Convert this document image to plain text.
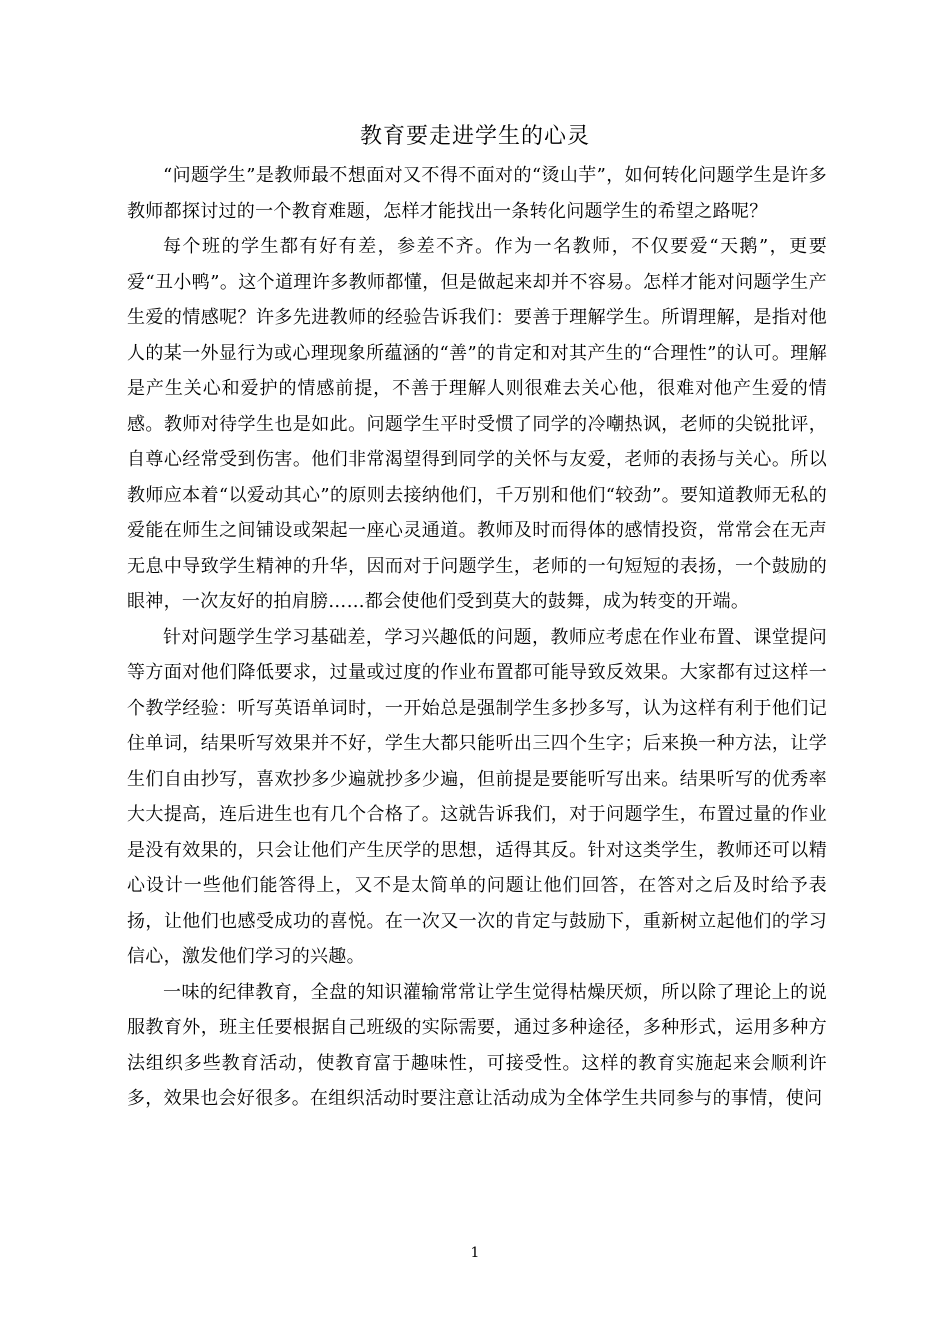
教育要走进学生的心灵

“问题学生”是教师最不想面对又不得不面对的“烫山芋”，如何转化问题学生是许多教师都探讨过的一个教育难题，怎样才能找出一条转化问题学生的希望之路呢？

每个班的学生都有好有差，参差不齐。作为一名教师，不仅要爱“天鹅”，更要爱“丑小鸭”。这个道理许多教师都懂，但是做起来却并不容易。怎样才能对问题学生产生爱的情感呢？许多先进教师的经验告诉我们：要善于理解学生。所谓理解，是指对他人的某一外显行为或心理现象所蕴涵的“善”的肯定和对其产生的“合理性”的认可。理解是产生关心和爱护的情感前提，不善于理解人则很难去关心他，很难对他产生爱的情感。教师对待学生也是如此。问题学生平时受惯了同学的冷嘲热讽，老师的尖锐批评，自尊心经常受到伤害。他们非常渴望得到同学的关怀与友爱，老师的表扬与关心。所以教师应本着“以爱动其心”的原则去接纳他们，千万别和他们“较劲”。要知道教师无私的爱能在师生之间铺设或架起一座心灵通道。教师及时而得体的感情投资，常常会在无声无息中导致学生精神的升华，因而对于问题学生，老师的一句短短的表扬，一个鼓励的眼神，一次友好的拍肩膀……都会使他们受到莫大的鼓舞，成为转变的开端。

针对问题学生学习基础差，学习兴趣低的问题，教师应考虑在作业布置、课堂提问等方面对他们降低要求，过量或过度的作业布置都可能导致反效果。大家都有过这样一个教学经验：听写英语单词时，一开始总是强制学生多抄多写，认为这样有利于他们记住单词，结果听写效果并不好，学生大都只能听出三四个生字；后来换一种方法，让学生们自由抄写，喜欢抄多少遍就抄多少遍，但前提是要能听写出来。结果听写的优秀率大大提高，连后进生也有几个合格了。这就告诉我们，对于问题学生，布置过量的作业是没有效果的，只会让他们产生厌学的思想，适得其反。针对这类学生，教师还可以精心设计一些他们能答得上，又不是太简单的问题让他们回答，在答对之后及时给予表扬，让他们也感受成功的喜悦。在一次又一次的肯定与鼓励下，重新树立起他们的学习信心，激发他们学习的兴趣。

一味的纪律教育，全盘的知识灌输常常让学生觉得枯燥厌烦，所以除了理论上的说服教育外，班主任要根据自己班级的实际需要，通过多种途径，多种形式，运用多种方法组织多些教育活动，使教育富于趣味性，可接受性。这样的教育实施起来会顺利许多，效果也会好很多。在组织活动时要注意让活动成为全体学生共同参与的事情，使问

1
